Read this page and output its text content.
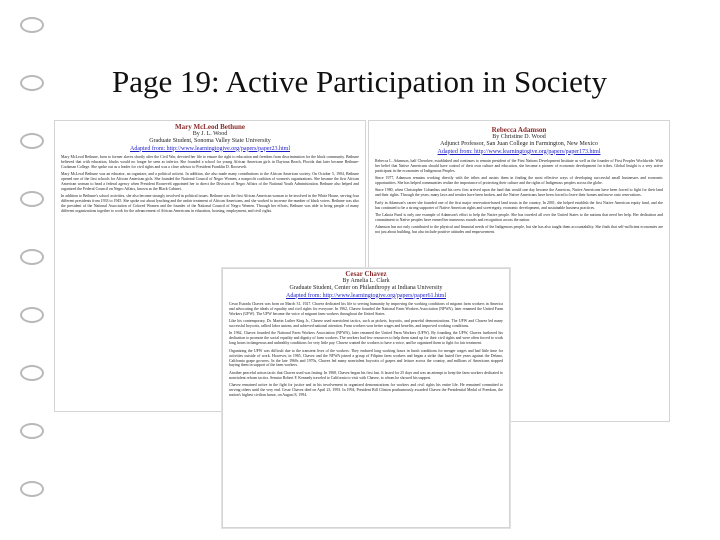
Page 19: Active Participation in Society
Mary McLeod Bethune
By J. L. Wood
Graduate Student, Sonoma Valley State University
Adapted from: http://www.learningtogive.org/papers/paper23.html

Mary McLeod Bethune, born to former slaves shortly after the Civil War, devoted her life to ensure the right to education and freedom from discrimination for the black community. Bethune believed that with education, blacks would no longer be seen as inferior. She founded a school for young African American girls in Daytona Beach, Florida that later became Bethune-Cookman College. She spoke out as a leader for civil rights and was a close advisor to President Franklin D. Roosevelt.

Mary McLeod Bethune was an educator, an organizer, and a political activist. In addition, she also made many contributions to the African American society. On October 5, 1904, Bethune opened one of the first schools for African American girls. She founded the National Council of Negro Women, a nonprofit coalition of women's organizations. She became the first African American woman to head a federal agency when President Roosevelt appointed her to direct the Division of Negro Affairs of the National Youth Administration. Bethune also helped and organized the Federal Council on Negro Affairs, known as the Black Cabinet.

In addition to Bethune's school activities, she also became strongly involved in political issues. Bethune was the first African American woman to be involved in the White House, serving four different presidents from 1933 to 1945. She spoke out about lynching and the unfair treatment of African Americans, and she worked to increase the number of black voters. Bethune was also the president of the National Association of Colored Women and the founder of the National Council of Negro Women. Through her efforts, Bethune was able to bring people of many different organizations together to work for the advancement of African Americans in education, housing, employment, and civil rights.

Rebecca Adamson
By Christine D. Wood
Adjunct Professor, San Juan College in Farmington, New Mexico
Adapted from: http://www.learningtogive.org/papers/paper173.html

Rebecca L. Adamson, half Cherokee, established and continues to remain president of the First Nations Development Institute as well as the founder of First Peoples Worldwide. With her belief that Native Americans should have control of their own culture and education, she became a pioneer of economic development for tribes. Global Insight is a very active participant in the economies of Indigenous Peoples.

Since 1977, Adamson remains working directly with the tribes and assists them in finding the most effective ways of developing successful small businesses and economic opportunities. She has helped communities realize the importance of protecting their culture and the rights of Indigenous peoples across the globe.

Since 1980, when Christopher Columbus and his crew first arrived upon the land that would one day become the Americas, Native Americans have been forced to fight for their land and their rights. Through the years, many laws and treaties have been broken, and the Native Americans have been forced to leave their homes and move onto reservations.

Early in Adamson's career she founded one of the first major reservation-based land trusts in the country. In 2001, she helped establish the first Native American equity fund, and she has continued to be a strong supporter of Native American rights and sovereignty, economic development, and sustainable business practices.

The Lakota Fund is only one example of Adamson's effort to help the Native people. She has traveled all over the United States to the nations that need her help. Her dedication and commitment to Native peoples have earned her numerous awards and recognition across the nation.

Adamson has not only contributed to the physical and financial needs of the Indigenous people, but she has also taught them accountability. She finds that self-sufficient economies are not just about building, but also include positive attitudes and empowerment.

Cesar Chavez
By Amelia L. Clark
Graduate Student, Center on Philanthropy at Indiana University
Adapted from: http://www.learningtogive.org/papers/paper61.html

Cesar Estrada Chavez was born on March 31, 1927. Chavez dedicated his life to serving humanity by improving the working conditions of migrant farm workers in America and advocating the ideals of equality and civil rights for everyone. In 1962, Chavez founded the National Farm Workers Association (NFWA), later renamed the United Farm Workers (UFW). The UFW became the voice of migrant farm workers throughout the United States.

Like his contemporary, Dr. Martin Luther King Jr., Chavez used nonviolent tactics, such as pickets, boycotts, and peaceful demonstrations. The UFW and Chavez led many successful boycotts, rallied labor unions, and achieved national attention. Farm workers won better wages and benefits, and improved working conditions.

In 1962, Chavez founded the National Farm Workers Association (NFWA), later renamed the United Farm Workers (UFW). By founding the UFW, Chavez furthered his dedication to promote the social equality and dignity of farm workers. The workers had few resources to help them stand up for their civil rights and were often forced to work long hours in dangerous and unhealthy conditions for very little pay. Chavez wanted the workers to have a voice, and he organized them to fight for fair treatment.

Organizing the UFW was difficult due to the transient lives of the workers. They endured long working hours in harsh conditions for meager wages and had little time for activities outside of work. However, in 1965, Chavez and the NFWA joined a group of Filipino farm workers and began a strike that lasted five years against the Delano, California grape growers. In the late 1960s and 1970s, Chavez led many nonviolent boycotts of grapes and lettuce across the country, and millions of Americans stopped buying them in support of the farm workers.

Another peaceful action tactic that Chavez used was fasting. In 1968, Chavez began his first fast. It lasted for 25 days and was an attempt to keep the farm workers dedicated to nonviolent reform tactics. Senator Robert F. Kennedy traveled to California to visit with Chavez, to whom he showed his support.

Chavez remained active in the fight for justice and in his involvement in organized demonstrations for workers and civil rights his entire life. He remained committed to serving others until the very end. Cesar Chavez died on April 23, 1993. In 1994, President Bill Clinton posthumously awarded Chavez the Presidential Medal of Freedom, the nation's highest civilian honor, on August 8, 1994.
